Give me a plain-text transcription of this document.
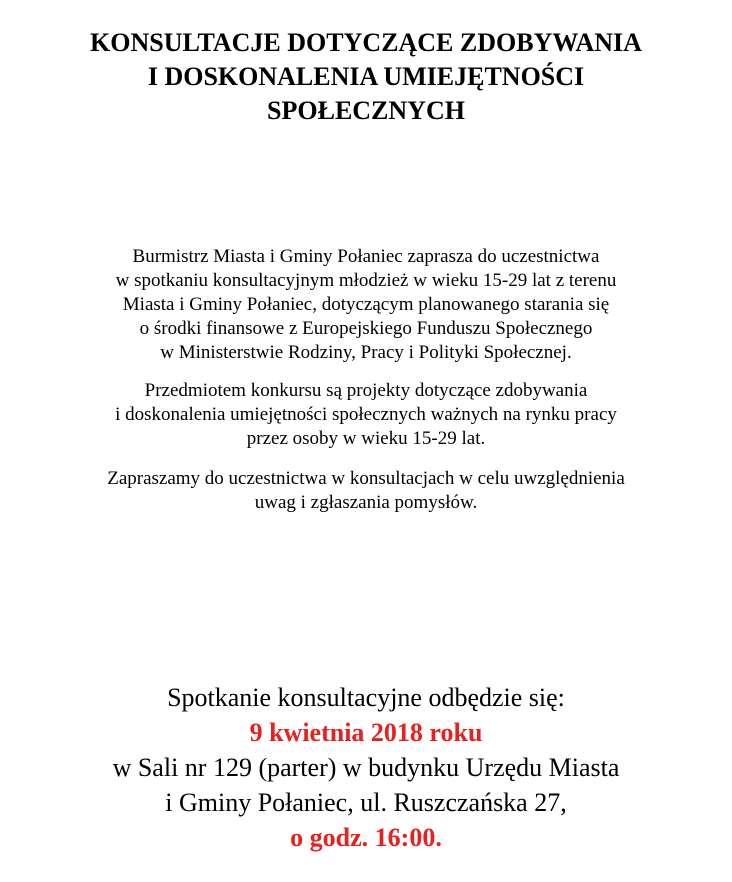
KONSULTACJE DOTYCZĄCE ZDOBYWANIA
I DOSKONALENIA UMIEJĘTNOŚCI
SPOŁECZNYCH

Burmistrz Miasta i Gminy Połaniec zaprasza do uczestnictwa
w spotkaniu konsultacyjnym młodzież w wieku 15-29 lat z terenu
Miasta i Gminy Połaniec, dotyczącym planowanego starania się
o środki finansowe z Europejskiego Funduszu Społecznego
w Ministerstwie Rodziny, Pracy i Polityki Społecznej.

Przedmiotem konkursu są projekty dotyczące zdobywania
i doskonalenia umiejętności społecznych ważnych na rynku pracy
przez osoby w wieku 15-29 lat.

Zapraszamy do uczestnictwa w konsultacjach w celu uwzględnienia
uwag i zgłaszania pomysłów.

Spotkanie konsultacyjne odbędzie się:
9 kwietnia 2018 roku
w Sali nr 129 (parter) w budynku Urzędu Miasta
i Gminy Połaniec, ul. Ruszczańska 27,
o godz. 16:00.
